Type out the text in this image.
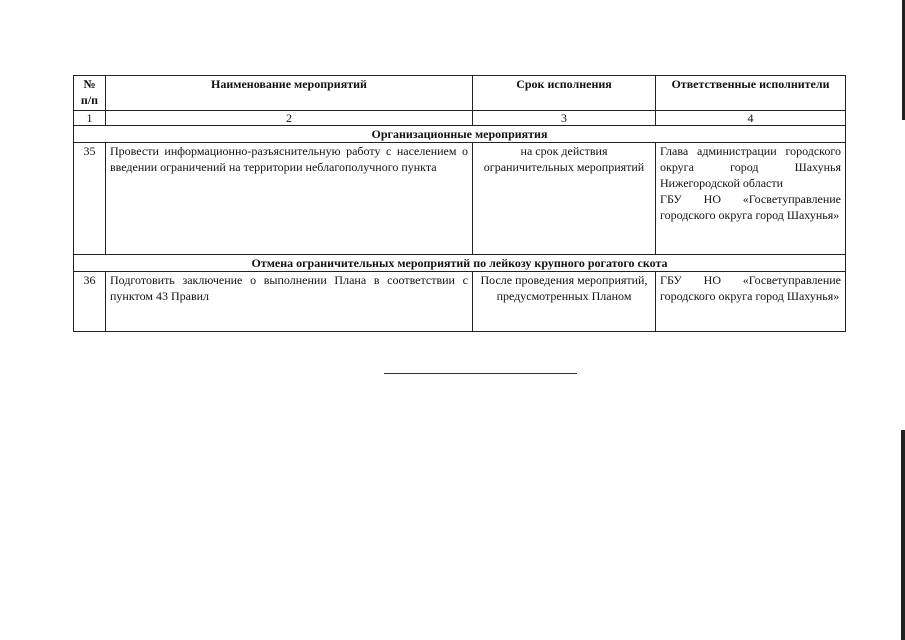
№ п/п	Наименование мероприятий	Срок исполнения	Ответственные исполнители
1	2	3	4
Организационные мероприятия			
35	Провести информационно-разъяснительную работу с населением о введении ограничений на территории неблагополучного пункта	на срок действия ограничительных мероприятий	Глава администрации городского округа город Шахунья Нижегородской области
ГБУ НО «Госветуправление городского округа город Шахунья»

Отмена ограничительных мероприятий по лейкозу крупного рогатого скота			
36	Подготовить заключение о выполнении Плана в соответствии с пунктом 43 Правил	После проведения мероприятий, предусмотренных Планом	ГБУ НО «Госветуправление городского округа город Шахунья»
